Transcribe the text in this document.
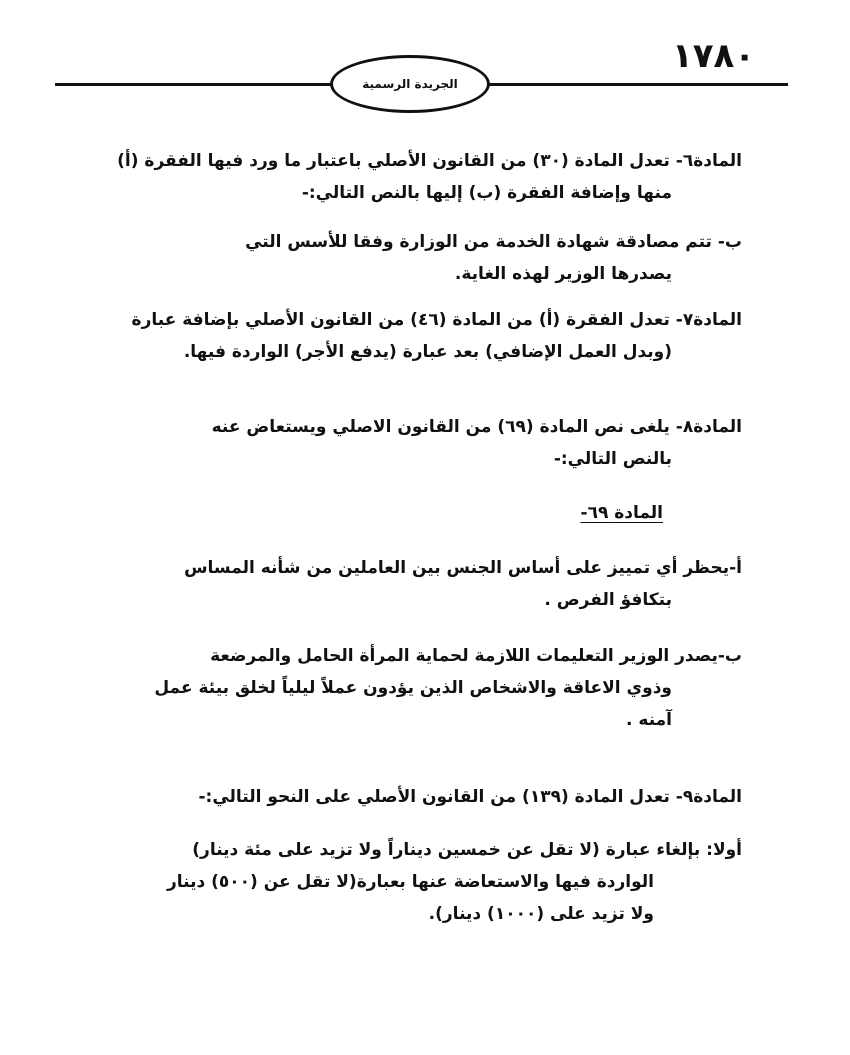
١٧٨٠
الجريدة الرسمية
المادة٦- تعدل المادة (٣٠) من القانون الأصلي باعتبار ما ورد فيها الفقرة (أ)
منها وإضافة الفقرة (ب) إليها بالنص التالي:-
ب- تتم مصادقة شهادة الخدمة من الوزارة وفقا للأسس التي
يصدرها الوزير لهذه الغاية.
المادة٧- تعدل الفقرة (أ) من المادة (٤٦) من القانون الأصلي بإضافة عبارة
(وبدل العمل الإضافي) بعد عبارة (يدفع الأجر) الواردة فيها.
المادة٨- يلغى نص المادة (٦٩) من القانون الاصلي ويستعاض عنه
بالنص التالي:-
المادة ٦٩-
أ-يحظر أي تمييز على أساس الجنس بين العاملين من شأنه المساس
بتكافؤ الفرص .
ب-يصدر الوزير التعليمات اللازمة لحماية المرأة الحامل والمرضعة
وذوي الاعاقة والاشخاص الذين يؤدون عملاً ليلياً لخلق بيئة عمل
آمنه .
المادة٩- تعدل المادة (١٣٩) من القانون الأصلي على النحو التالي:-
أولا: بإلغاء عبارة (لا تقل عن خمسين ديناراً ولا تزيد على مئة دينار)
الواردة فيها والاستعاضة عنها بعبارة(لا تقل عن (٥٠٠) دينار
ولا تزيد على (١٠٠٠) دينار).
